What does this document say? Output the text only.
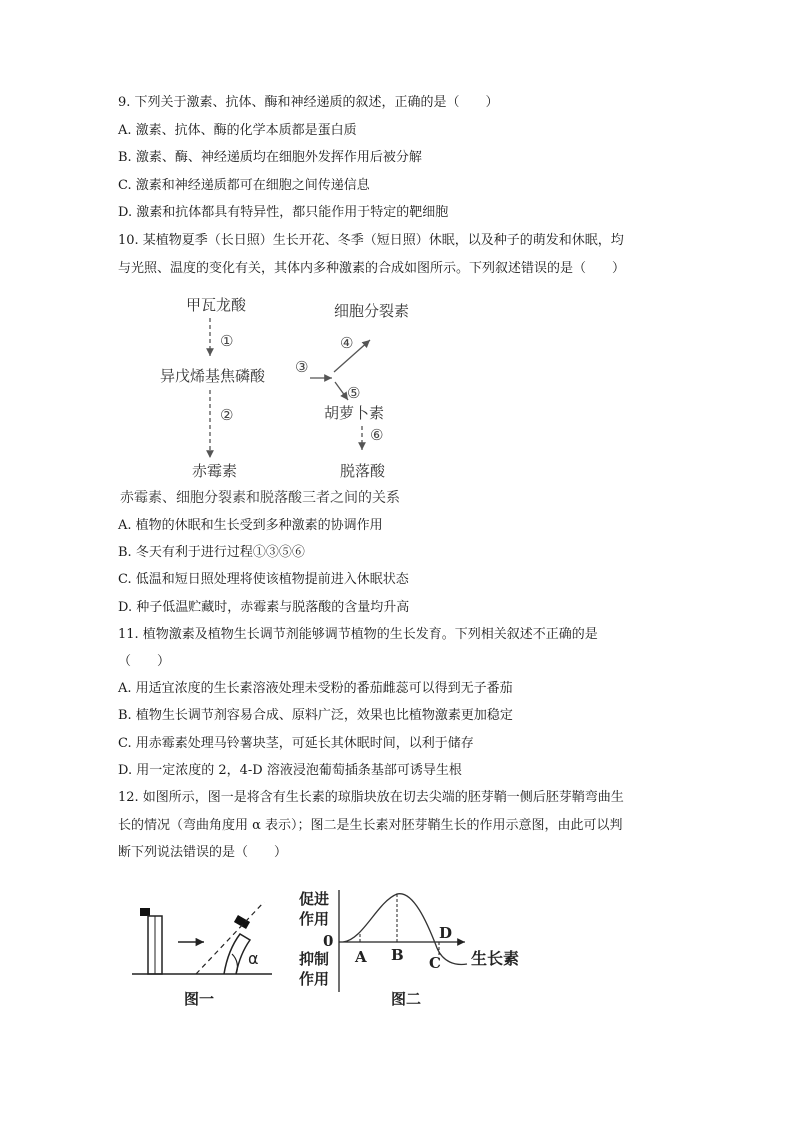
9. 下列关于激素、抗体、酶和神经递质的叙述，正确的是（　　）
A. 激素、抗体、酶的化学本质都是蛋白质
B. 激素、酶、神经递质均在细胞外发挥作用后被分解
C. 激素和神经递质都可在细胞之间传递信息
D. 激素和抗体都具有特异性，都只能作用于特定的靶细胞
10. 某植物夏季（长日照）生长开花、冬季（短日照）休眠，以及种子的萌发和休眠，均
与光照、温度的变化有关，其体内多种激素的合成如图所示。下列叙述错误的是（　　）
甲瓦龙酸
①
异戊烯基焦磷酸
②
③
④
细胞分裂素
⑤
胡萝卜素
⑥
赤霉素	脱落酸
赤霉素、细胞分裂素和脱落酸三者之间的关系
A. 植物的休眠和生长受到多种激素的协调作用
B. 冬天有利于进行过程①③⑤⑥
C. 低温和短日照处理将使该植物提前进入休眠状态
D. 种子低温贮藏时，赤霉素与脱落酸的含量均升高
11. 植物激素及植物生长调节剂能够调节植物的生长发育。下列相关叙述不正确的是
（　　）
A. 用适宜浓度的生长素溶液处理未受粉的番茄雌蕊可以得到无子番茄
B. 植物生长调节剂容易合成、原料广泛，效果也比植物激素更加稳定
C. 用赤霉素处理马铃薯块茎，可延长其休眠时间，以利于储存
D. 用一定浓度的 2，4-D 溶液浸泡葡萄插条基部可诱导生根
12. 如图所示，图一是将含有生长素的琼脂块放在切去尖端的胚芽鞘一侧后胚芽鞘弯曲生
长的情况（弯曲角度用 α 表示）；图二是生长素对胚芽鞘生长的作用示意图，由此可以判
断下列说法错误的是（　　）
α
图一
促进
作用
0
抑制
作用
A B C
D
生长素
图二
